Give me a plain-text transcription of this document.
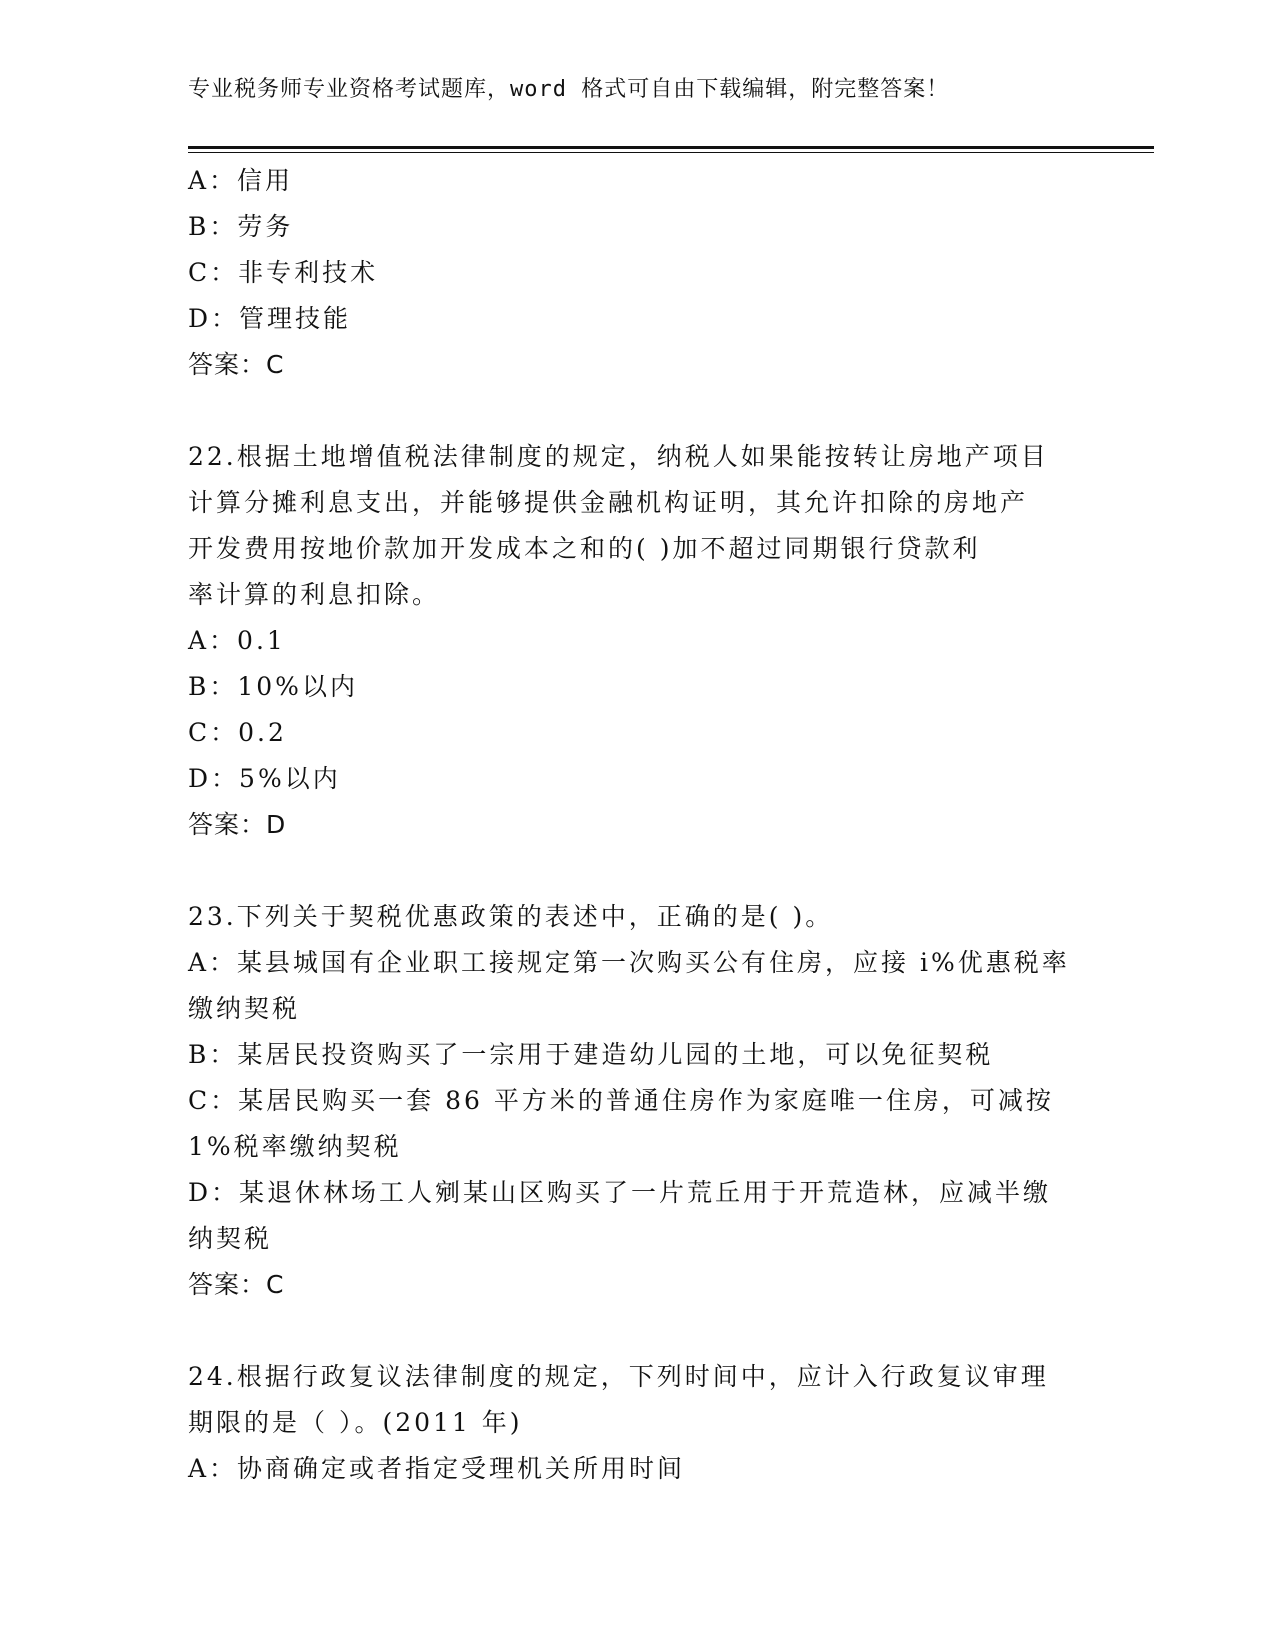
专业税务师专业资格考试题库，word 格式可自由下载编辑，附完整答案！
A：信用
B：劳务
C：非专利技术
D：管理技能
答案：C
22.根据土地增值税法律制度的规定，纳税人如果能按转让房地产项目
计算分摊利息支出，并能够提供金融机构证明，其允许扣除的房地产
开发费用按地价款加开发成本之和的( )加不超过同期银行贷款利
率计算的利息扣除。
A：0.1
B：10%以内
C：0.2
D：5%以内
答案：D
23.下列关于契税优惠政策的表述中，正确的是( )。
A：某县城国有企业职工接规定第一次购买公有住房，应接 i%优惠税率
缴纳契税
B：某居民投资购买了一宗用于建造幼儿园的土地，可以免征契税
C：某居民购买一套 86 平方米的普通住房作为家庭唯一住房，可减按
1%税率缴纳契税
D：某退休林场工人剜某山区购买了一片荒丘用于开荒造林，应减半缴
纳契税
答案：C
24.根据行政复议法律制度的规定，下列时间中，应计入行政复议审理
期限的是（ ）。(2011 年)
A：协商确定或者指定受理机关所用时间
